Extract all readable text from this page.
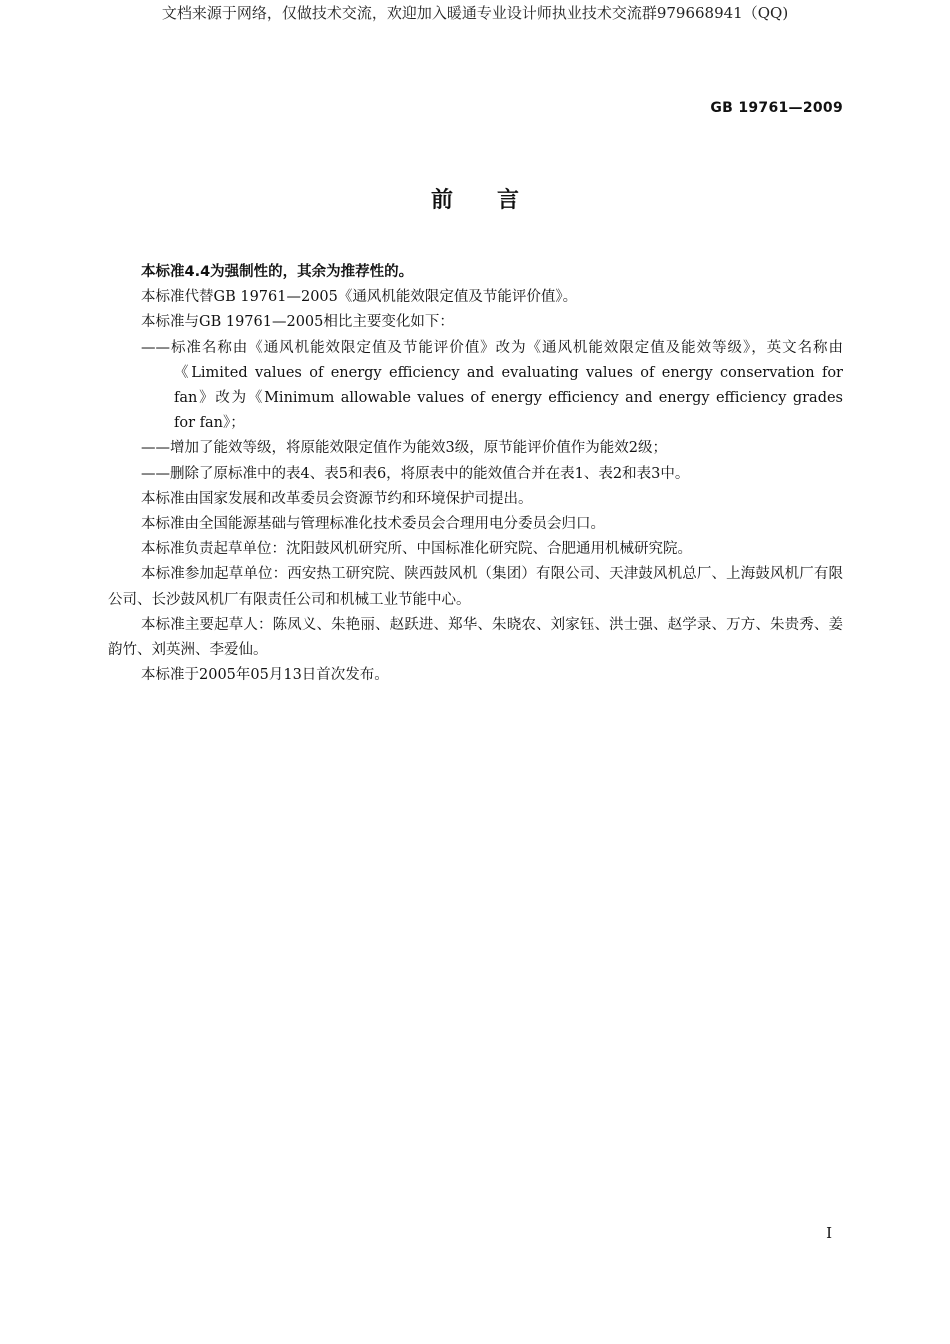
文档来源于网络，仅做技术交流，欢迎加入暖通专业设计师执业技术交流群979668941（QQ)
GB 19761—2009
前言

本标准4.4为强制性的，其余为推荐性的。

本标准代替GB 19761—2005《通风机能效限定值及节能评价值》。

本标准与GB 19761—2005相比主要变化如下：

——标准名称由《通风机能效限定值及节能评价值》改为《通风机能效限定值及能效等级》，英文名称由《Limited values of energy efficiency and evaluating values of energy conservation for fan》改为《Minimum allowable values of energy efficiency and energy efficiency grades for fan》；

——增加了能效等级，将原能效限定值作为能效3级，原节能评价值作为能效2级；

——删除了原标准中的表4、表5和表6，将原表中的能效值合并在表1、表2和表3中。

本标准由国家发展和改革委员会资源节约和环境保护司提出。

本标准由全国能源基础与管理标准化技术委员会合理用电分委员会归口。

本标准负责起草单位：沈阳鼓风机研究所、中国标准化研究院、合肥通用机械研究院。

本标准参加起草单位：西安热工研究院、陕西鼓风机（集团）有限公司、天津鼓风机总厂、上海鼓风机厂有限公司、长沙鼓风机厂有限责任公司和机械工业节能中心。

本标准主要起草人：陈凤义、朱艳丽、赵跃进、郑华、朱晓农、刘家钰、洪士强、赵学录、万方、朱贵秀、姜韵竹、刘英洲、李爱仙。

本标准于2005年05月13日首次发布。

I
